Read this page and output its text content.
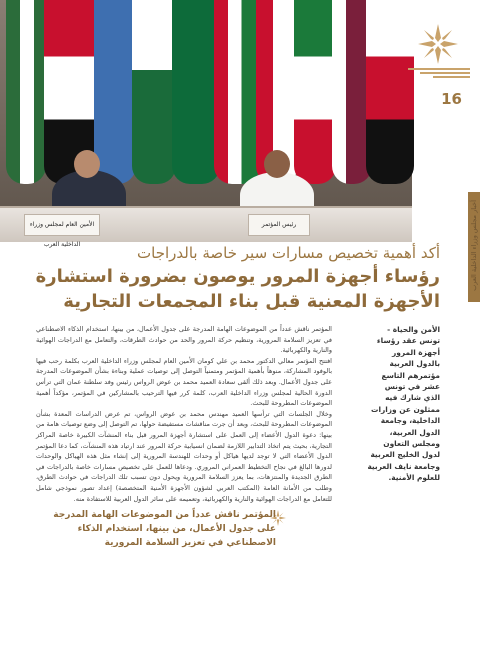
الأمين العام لمجلس وزراء الداخلية العرب
رئيس المؤتمر
16
أخبار مجلس وزراء الداخلية العرب
أكد أهمية تخصيص مسارات سير خاصة بالدراجات
رؤساء أجهزة المرور يوصون بضرورة استشارة الأجهزة المعنية قبل بناء المجمعات التجارية
الأمن والحياة - تونس عقد رؤساء أجهزة المرور بالدول العربية مؤتمرهم التاسع عشر في تونس الذي شارك فيه ممثلون عن وزارات الداخلية، وجامعة الدول العربية، ومجلس التعاون لدول الخليج العربية وجامعة نايف العربية للعلوم الأمنية.

المؤتمر ناقش عدداً من الموضوعات الهامة المدرجة على جدول الأعمال، من بينها، استخدام الذكاء الاصطناعي في تعزيز السلامة المرورية، وتنظيم حركة المرور والحد من حوادث الطرقات، والتعامل مع الدراجات الهوائية والنارية والكهربائية.

افتتح المؤتمر معالي الدكتور محمد بن علي كومان الأمين العام لمجلس وزراء الداخلية العرب بكلمة رحب فيها بالوفود المشاركة، منوهاً بأهمية المؤتمر ومتمنياً التوصل إلى توصيات عملية وبناءة بشأن الموضوعات المدرجة على جدول الأعمال. وبعد ذلك ألقى سعادة العميد محمد بن عوض الرواس رئيس وفد سلطنة عمان التي ترأس الدورة الحالية لمجلس وزراء الداخلية العرب، كلمة كرر فيها الترحيب بالمشاركين في المؤتمر، مؤكداً أهمية الموضوعات المطروحة للبحث.

وخلال الجلسات التي ترأسها العميد مهندس محمد بن عوض الرواس، تم عرض الدراسات المعدة بشأن الموضوعات المطروحة للبحث، وبعد أن جرت مناقشات مستفيضة حولها، تم التوصل إلى وضع توصيات هامة من بينها: دعوة الدول الأعضاء إلى العمل على استشارة أجهزة المرور قبل بناء المنشآت الكبيرة خاصة المراكز التجارية، بحيث يتم اتخاذ التدابير اللازمة لضمان انسيابية حركة المرور عند ارتياد هذه المنشآت، كما دعا المؤتمر الدول الأعضاء التي لا توجد لديها هياكل أو وحدات للهندسة المرورية إلى إنشاء مثل هذه الهياكل والوحدات لدورها البالغ في نجاح التخطيط العمراني المروري. ودعاها للعمل على تخصيص مسارات خاصة بالدراجات في الطرق الجديدة والمنتزهات، بما يعزز السلامة المرورية ويحول دون تسبب تلك الدراجات في حوادث الطرق، وطلب من الأمانة العامة (المكتب العربي لشؤون الأجهزة الأمنية المتخصصة) إعداد تصور نموذجي شامل للتعامل مع الدراجات الهوائية والنارية والكهربائية، وتعميمه على سائر الدول العربية للاستفادة منه.

المؤتمر ناقش عدداً من الموضوعات الهامة المدرجة على جدول الأعمال، من بينها، استخدام الذكاء الاصطناعي في تعزيز السلامة المرورية
